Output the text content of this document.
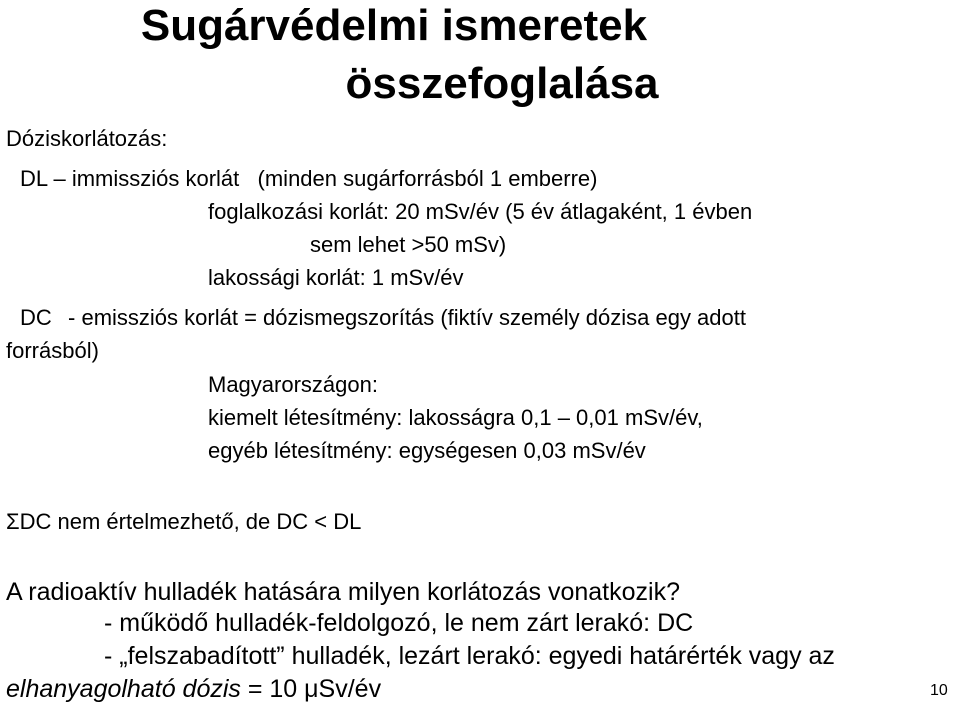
Sugárvédelmi ismeretek
összefoglalása
Dóziskorlátozás:
DL – immissziós korlát (minden sugárforrásból 1 emberre)
foglalkozási korlát: 20 mSv/év (5 év átlagaként, 1 évben
sem lehet >50 mSv)
lakossági korlát: 1 mSv/év
DC - emissziós korlát = dózismegszorítás (fiktív személy dózisa egy adott
forrásból)
Magyarországon:
kiemelt létesítmény: lakosságra 0,1 – 0,01 mSv/év,
egyéb létesítmény: egységesen 0,03 mSv/év
ΣDC nem értelmezhető, de DC < DL
A radioaktív hulladék hatására milyen korlátozás vonatkozik?
- működő hulladék-feldolgozó, le nem zárt lerakó: DC
- „felszabadított” hulladék, lezárt lerakó: egyedi határérték vagy az
elhanyagolható dózis = 10 μSv/év	10
